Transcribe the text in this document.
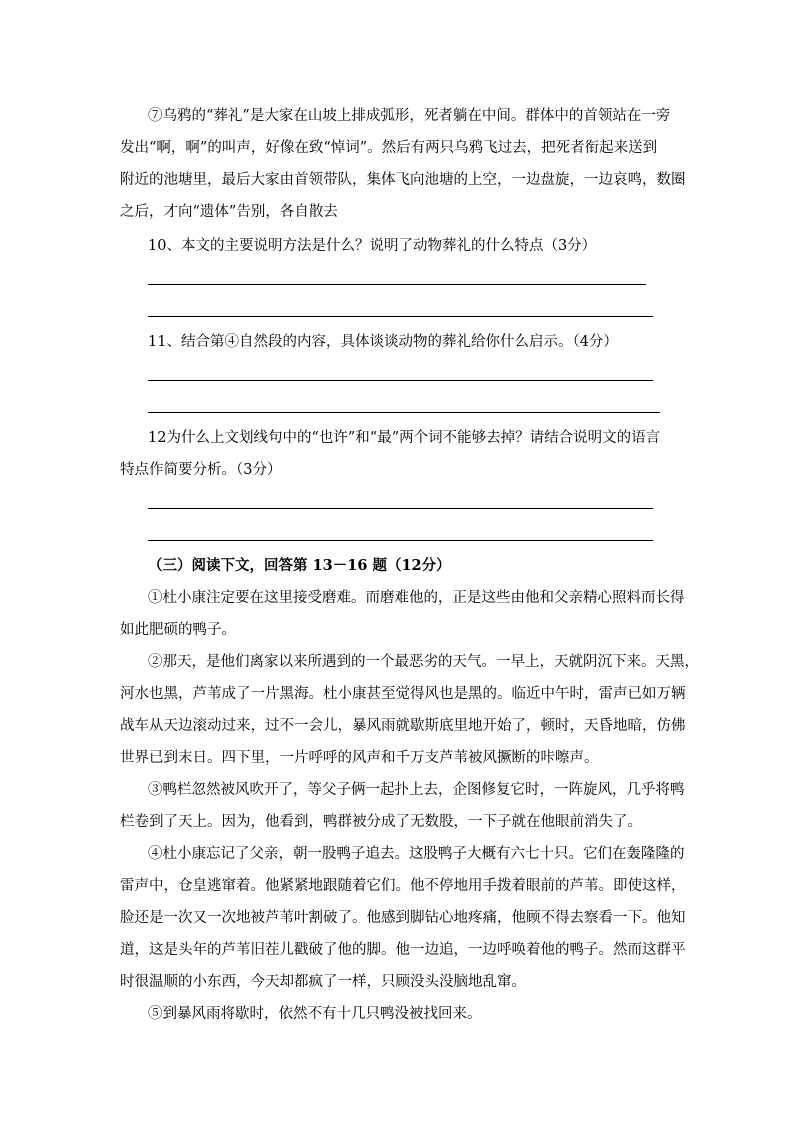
⑦乌鸦的“葬礼”是大家在山坡上排成弧形，死者躺在中间。群体中的首领站在一旁
发出“啊，啊”的叫声，好像在致“悼词”。然后有两只乌鸦飞过去，把死者衔起来送到
附近的池塘里，最后大家由首领带队，集体飞向池塘的上空，一边盘旋，一边哀鸣，数圈
之后，才向“遗体”告别，各自散去
10、本文的主要说明方法是什么？说明了动物葬礼的什么特点（3分）
11、结合第④自然段的内容，具体谈谈动物的葬礼给你什么启示。（4分）
12为什么上文划线句中的“也许”和“最”两个词不能够去掉？请结合说明文的语言
特点作简要分析。（3分）
（三）阅读下文，回答第 13－16 题（12分）
①杜小康注定要在这里接受磨难。而磨难他的，正是这些由他和父亲精心照料而长得
如此肥硕的鸭子。
②那天，是他们离家以来所遇到的一个最恶劣的天气。一早上，天就阴沉下来。天黑，
河水也黑，芦苇成了一片黑海。杜小康甚至觉得风也是黑的。临近中午时，雷声已如万辆
战车从天边滚动过来，过不一会儿，暴风雨就歇斯底里地开始了，顿时，天昏地暗，仿佛
世界已到末日。四下里，一片呼呼的风声和千万支芦苇被风撅断的咔嚓声。
③鸭栏忽然被风吹开了，等父子俩一起扑上去，企图修复它时，一阵旋风，几乎将鸭
栏卷到了天上。因为，他看到，鸭群被分成了无数股，一下子就在他眼前消失了。
④杜小康忘记了父亲，朝一股鸭子追去。这股鸭子大概有六七十只。它们在轰隆隆的
雷声中，仓皇逃窜着。他紧紧地跟随着它们。他不停地用手拨着眼前的芦苇。即使这样，
脸还是一次又一次地被芦苇叶割破了。他感到脚钻心地疼痛，他顾不得去察看一下。他知
道，这是头年的芦苇旧茬儿戳破了他的脚。他一边追，一边呼唤着他的鸭子。然而这群平
时很温顺的小东西，今天却都疯了一样，只顾没头没脑地乱窜。
⑤到暴风雨将歇时，依然不有十几只鸭没被找回来。
